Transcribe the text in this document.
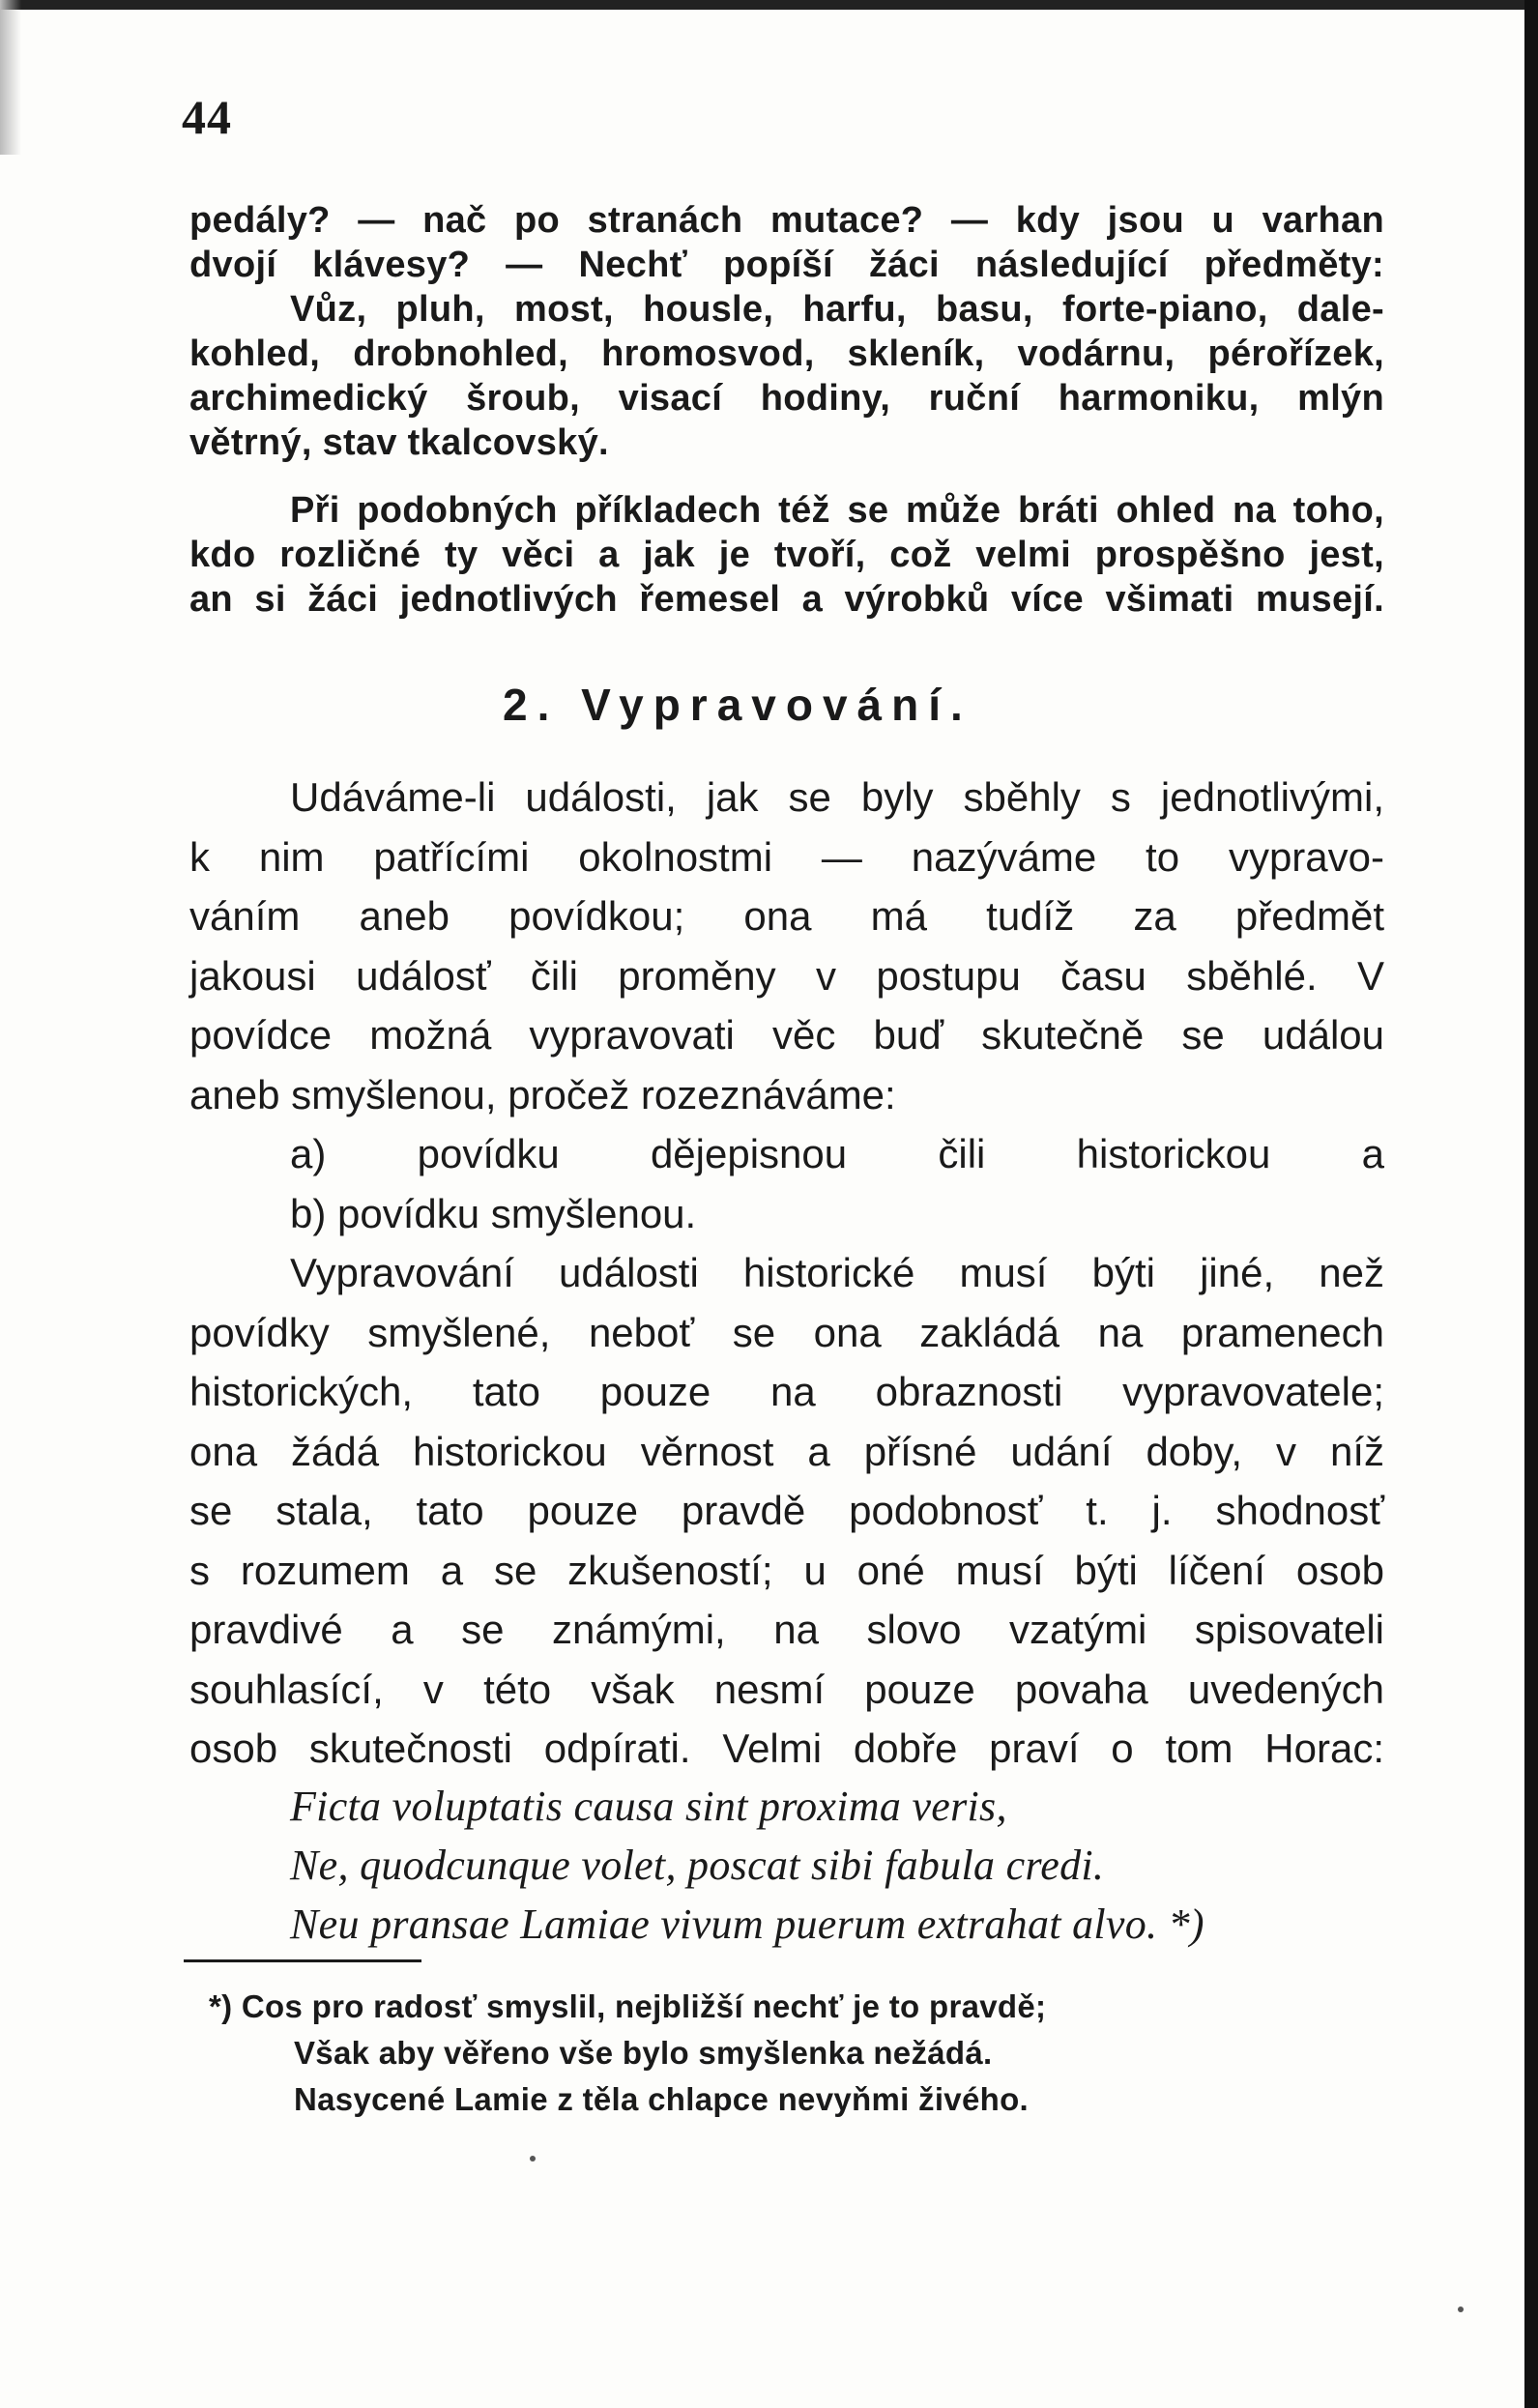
44
pedály? — nač po stranách mutace? — kdy jsou u varhan
dvojí klávesy? — Nechť popíší žáci následující předměty:
Vůz, pluh, most, housle, harfu, basu, forte-piano, dale-
kohled, drobnohled, hromosvod, skleník, vodárnu, pérořízek,
archimedický šroub, visací hodiny, ruční harmoniku, mlýn
větrný, stav tkalcovský.
Při podobných příkladech též se může bráti ohled na toho,
kdo rozličné ty věci a jak je tvoří, což velmi prospěšno jest,
an si žáci jednotlivých řemesel a výrobků více všimati musejí.
2. Vypravování.
Udáváme-li události, jak se byly sběhly s jednotlivými,
k nim patřícími okolnostmi — nazýváme to vypravo-
váním aneb povídkou; ona má tudíž za předmět
jakousi událosť čili proměny v postupu času sběhlé. V
povídce možná vypravovati věc buď skutečně se událou
aneb smyšlenou, pročež rozeznáváme:
a) povídku dějepisnou čili historickou a
b) povídku smyšlenou.
Vypravování události historické musí býti jiné, než
povídky smyšlené, neboť se ona zakládá na pramenech
historických, tato pouze na obraznosti vypravovatele;
ona žádá historickou věrnost a přísné udání doby, v níž
se stala, tato pouze pravdě podobnosť t. j. shodnosť
s rozumem a se zkušeností; u oné musí býti líčení osob
pravdivé a se známými, na slovo vzatými spisovateli
souhlasící, v této však nesmí pouze povaha uvedených
osob skutečnosti odpírati. Velmi dobře praví o tom Horac:
Ficta voluptatis causa sint proxima veris,
Ne, quodcunque volet, poscat sibi fabula credi.
Neu pransae Lamiae vivum puerum extrahat alvo. *)
*) Cos pro radosť smyslil, nejbližší nechť je to pravdě;
Však aby věřeno vše bylo smyšlenka nežádá.
Nasycené Lamie z těla chlapce nevyňmi živého.
